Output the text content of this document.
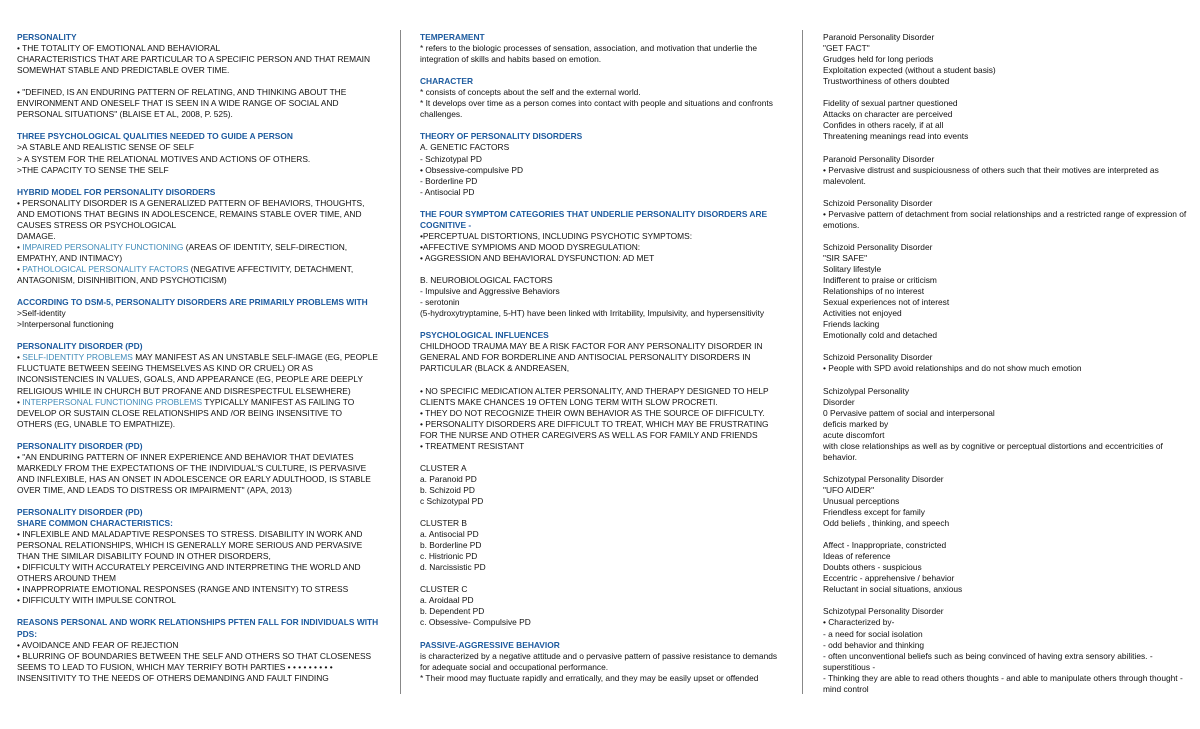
PERSONALITY

• THE TOTALITY OF EMOTIONAL AND BEHAVIORAL

CHARACTERISTICS THAT ARE PARTICULAR TO A SPECIFIC PERSON AND THAT REMAIN SOMEWHAT STABLE AND PREDICTABLE OVER TIME.

• "DEFINED, IS AN ENDURING PATTERN OF RELATING, AND THINKING ABOUT THE ENVIRONMENT AND ONESELF THAT IS SEEN IN A WIDE RANGE OF SOCIAL AND PERSONAL SITUATIONS" (BLAISE ET AL, 2008, P. 525).

THREE PSYCHOLOGICAL QUALITIES NEEDED TO GUIDE A PERSON

>A STABLE AND REALISTIC SENSE OF SELF

> A SYSTEM FOR THE RELATIONAL MOTIVES AND ACTIONS OF OTHERS.

>THE CAPACITY TO SENSE THE SELF

HYBRID MODEL FOR PERSONALITY DISORDERS

• PERSONALITY DISORDER IS A GENERALIZED PATTERN OF BEHAVIORS, THOUGHTS, AND EMOTIONS THAT BEGINS IN ADOLESCENCE, REMAINS STABLE OVER TIME, AND CAUSES STRESS OR PSYCHOLOGICAL

DAMAGE.

• IMPAIRED PERSONALITY FUNCTIONING (AREAS OF IDENTITY, SELF-DIRECTION, EMPATHY, AND INTIMACY)

• PATHOLOGICAL PERSONALITY FACTORS (NEGATIVE AFFECTIVITY, DETACHMENT, ANTAGONISM, DISINHIBITION, AND PSYCHOTICISM)

ACCORDING TO DSM-5, PERSONALITY DISORDERS ARE PRIMARILY PROBLEMS WITH

>Self-identity

>Interpersonal functioning

PERSONALITY DISORDER (PD)

• SELF-IDENTITY PROBLEMS MAY MANIFEST AS AN UNSTABLE SELF-IMAGE (EG, PEOPLE FLUCTUATE BETWEEN SEEING THEMSELVES AS KIND OR CRUEL) OR AS INCONSISTENCIES IN VALUES, GOALS, AND APPEARANCE (EG, PEOPLE ARE DEEPLY RELIGIOUS WHILE IN CHURCH BUT PROFANE AND DISRESPECTFUL ELSEWHERE)

• INTERPERSONAL FUNCTIONING PROBLEMS TYPICALLY MANIFEST AS FAILING TO DEVELOP OR SUSTAIN CLOSE RELATIONSHIPS AND /OR BEING INSENSITIVE TO OTHERS (EG, UNABLE TO EMPATHIZE).

PERSONALITY DISORDER (PD)

• "AN ENDURING PATTERN OF INNER EXPERIENCE AND BEHAVIOR THAT DEVIATES MARKEDLY FROM THE EXPECTATIONS OF THE INDIVIDUAL'S CULTURE, IS PERVASIVE AND INFLEXIBLE, HAS AN ONSET IN ADOLESCENCE OR EARLY ADULTHOOD, IS STABLE OVER TIME, AND LEADS TO DISTRESS OR IMPAIRMENT" (APA, 2013)

PERSONALITY DISORDER (PD)

SHARE COMMON CHARACTERISTICS:

• INFLEXIBLE AND MALADAPTIVE RESPONSES TO STRESS. DISABILITY IN WORK AND PERSONAL RELATIONSHIPS, WHICH IS GENERALLY MORE SERIOUS AND PERVASIVE THAN THE SIMILAR DISABILITY FOUND IN OTHER DISORDERS,

• DIFFICULTY WITH ACCURATELY PERCEIVING AND INTERPRETING THE WORLD AND OTHERS AROUND THEM

• INAPPROPRIATE EMOTIONAL RESPONSES (RANGE AND INTENSITY) TO STRESS

• DIFFICULTY WITH IMPULSE CONTROL

REASONS PERSONAL AND WORK RELATIONSHIPS PFTEN FALL FOR INDIVIDUALS WITH PDS:

• AVOIDANCE AND FEAR OF REJECTION

• BLURRING OF BOUNDARIES BETWEEN THE SELF AND OTHERS SO THAT CLOSENESS SEEMS TO LEAD TO FUSION, WHICH MAY TERRIFY BOTH PARTIES • • • • • • • • • INSENSITIVITY TO THE NEEDS OF OTHERS DEMANDING AND FAULT FINDING

TEMPERAMENT

* refers to the biologic processes of sensation, association, and motivation that underlie the integration of skills and habits based on emotion.

CHARACTER

* consists of concepts about the self and the external world.

* It develops over time as a person comes into contact with people and situations and confronts challenges.

THEORY OF PERSONALITY DISORDERS

A. GENETIC FACTORS

- Schizotypal PD

• Obsessive-compulsive PD

- Borderline PD

- Antisocial PD

THE FOUR SYMPTOM CATEGORIES THAT UNDERLIE PERSONALITY DISORDERS ARE COGNITIVE -

•PERCEPTUAL DISTORTIONS, INCLUDING PSYCHOTIC SYMPTOMS:

•AFFECTIVE SYMPIOMS AND MOOD DYSREGULATION:

• AGGRESSION AND BEHAVIORAL DYSFUNCTION: AD MET

B. NEUROBIOLOGICAL FACTORS

- Impulsive and Aggressive Behaviors

- serotonin

(5-hydroxytryptamine, 5-HT) have been linked with Irritability, Impulsivity, and hypersensitivity

PSYCHOLOGICAL INFLUENCES

CHILDHOOD TRAUMA MAY BE A RISK FACTOR FOR ANY PERSONALITY DISORDER IN GENERAL AND FOR BORDERLINE AND ANTISOCIAL PERSONALITY DISORDERS IN PARTICULAR (BLACK & ANDREASEN,

• NO SPECIFIC MEDICATION ALTER PERSONALITY, AND THERAPY DESIGNED TO HELP CLIENTS MAKE CHANCES 19 OFTEN LONG TERM WITH SLOW PROCRETI.

• THEY DO NOT RECOGNIZE THEIR OWN BEHAVIOR AS THE SOURCE OF DIFFICULTY.

• PERSONALITY DISORDERS ARE DIFFICULT TO TREAT, WHICH MAY BE FRUSTRATING FOR THE NURSE AND OTHER CAREGIVERS AS WELL AS FOR FAMILY AND FRIENDS

• TREATMENT RESISTANT

CLUSTER A

a. Paranoid PD

b. Schizoid PD

c Schizotypal PD

CLUSTER B

a. Antisocial PD

b. Borderline PD

c. Histrionic PD

d. Narcissistic PD

CLUSTER C

a. Aroidaal PD

b. Dependent PD

c. Obsessive- Compulsive PD

PASSIVE-AGGRESSIVE BEHAVIOR

is characterized by a negative attitude and o pervasive pattern of passive resistance to demands for adequate social and occupational performance.

* Their mood may fluctuate rapidly and erratically, and they may be easily upset or offended

Paranoid Personality Disorder

"GET FACT"

Grudges held for long periods

Exploitation expected (without a student basis)

Trustworthiness of others doubted

Fidelity of sexual partner questioned

Attacks on character are perceived

Confides in others racely, if at all

Threatening meanings read into events

Paranoid Personality Disorder

• Pervasive distrust and suspiciousness of others such that their motives are interpreted as malevolent.

Schizoid Personality Disorder

• Pervasive pattern of detachment from social relationships and a restricted range of expression of emotions.

Schizoid Personality Disorder

"SIR SAFE"

Solitary lifestyle

Indifferent to praise or criticism

Relationships of no interest

Sexual experiences not of interest

Activities not enjoyed

Friends lacking

Emotionally cold and detached

Schizoid Personality Disorder

• People with SPD avoid relationships and do not show much emotion

Schizolypal Personality

Disorder

0 Pervasive pattem of social and interpersonal

deficis marked by

acute discomfort

with close relationships as well as by cognitive or perceptual distortions and eccentricities of behavior.

Schizotypal Personality Disorder

"UFO AIDER"

Unusual perceptions

Friendless except for family

Odd beliefs , thinking, and speech

Affect - Inappropriate, constricted

Ideas of reference

Doubts others - suspicious

Eccentric - apprehensive / behavior

Reluctant in social situations, anxious

Schizotypal Personality Disorder

• Characterized by-

- a need for social isolation

- odd behavior and thinking

- often unconventional beliefs such as being convinced of having extra sensory abilities. - superstitious -

- Thinking they are able to read others thoughts - and able to manipulate others through thought - mind control
